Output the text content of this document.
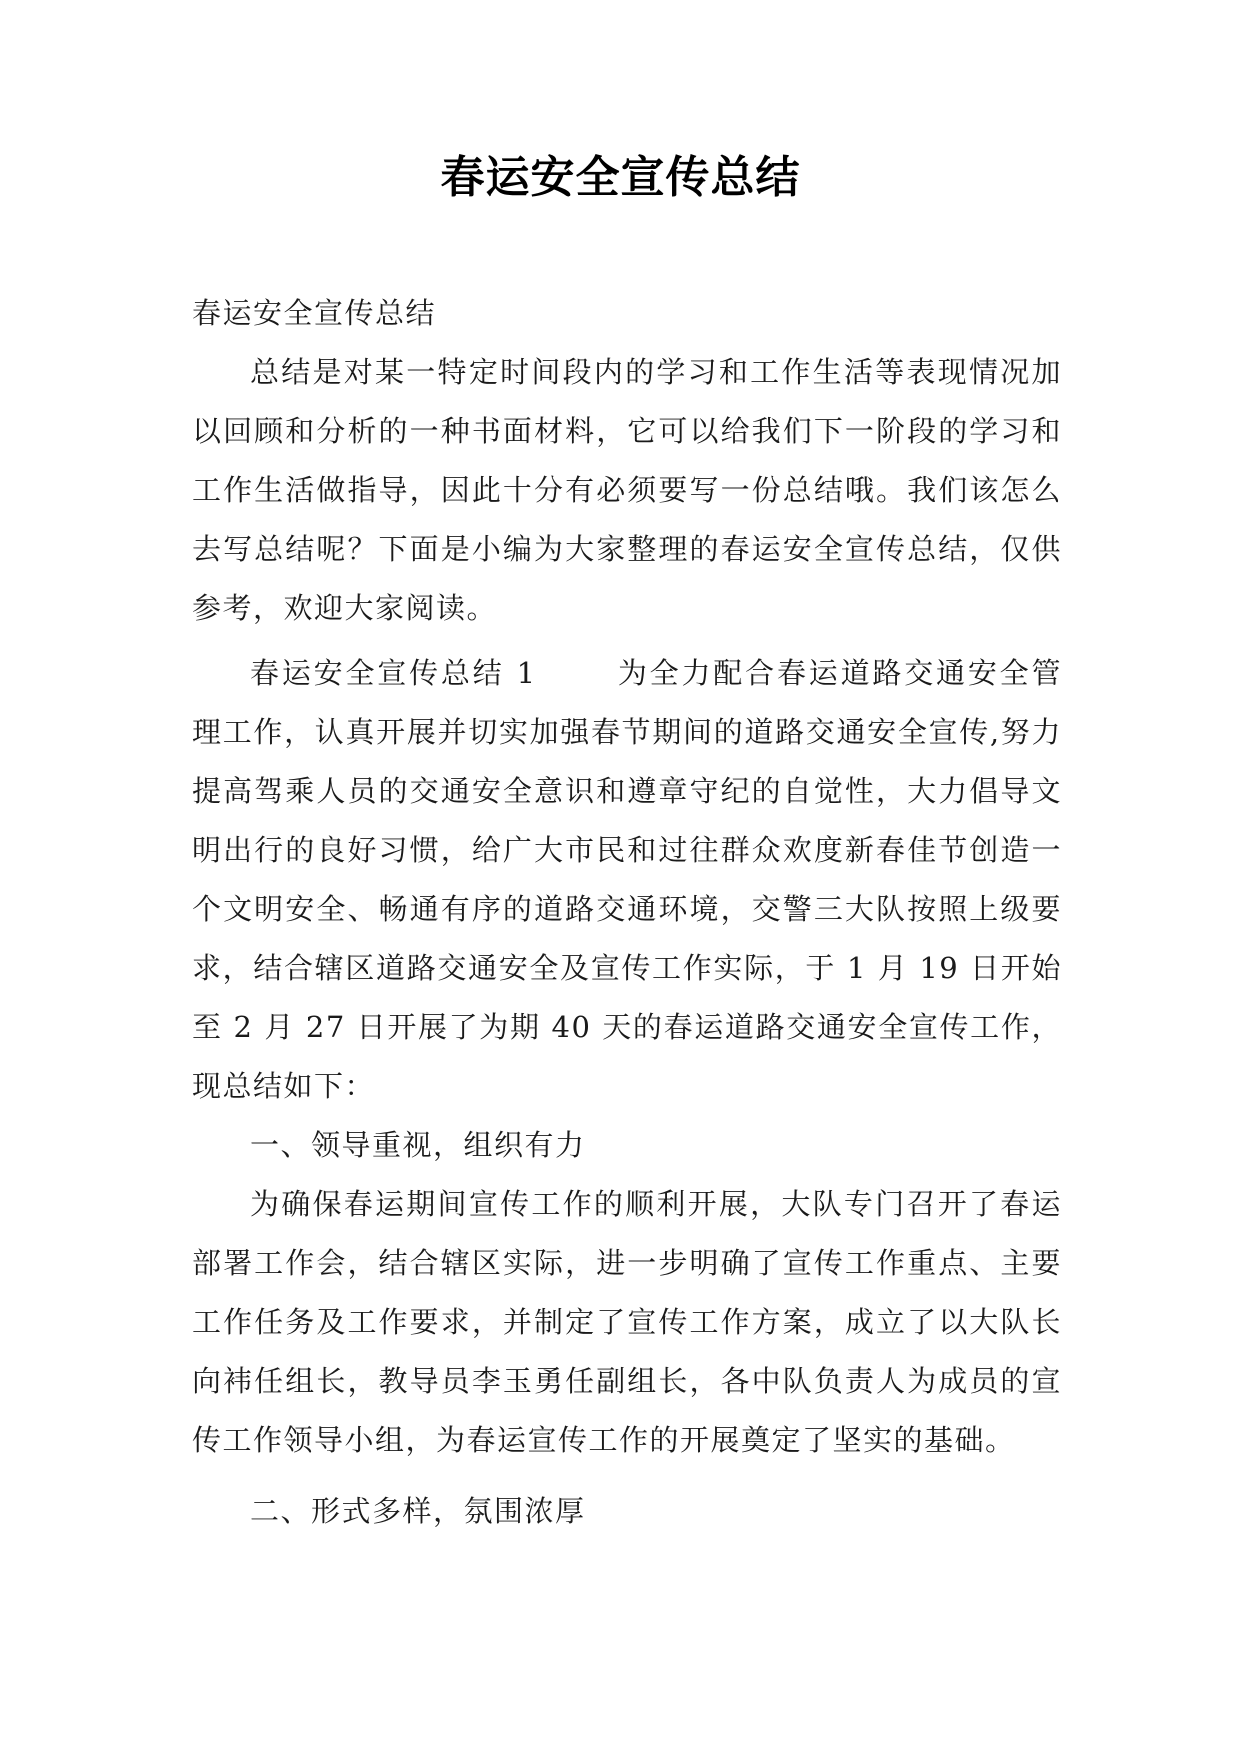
春运安全宣传总结

春运安全宣传总结

总结是对某一特定时间段内的学习和工作生活等表现情况加以回顾和分析的一种书面材料，它可以给我们下一阶段的学习和工作生活做指导，因此十分有必须要写一份总结哦。我们该怎么去写总结呢？下面是小编为大家整理的春运安全宣传总结，仅供参考，欢迎大家阅读。

春运安全宣传总结 1	为全力配合春运道路交通安全管理工作，认真开展并切实加强春节期间的道路交通安全宣传,努力提高驾乘人员的交通安全意识和遵章守纪的自觉性，大力倡导文明出行的良好习惯，给广大市民和过往群众欢度新春佳节创造一个文明安全、畅通有序的道路交通环境，交警三大队按照上级要求，结合辖区道路交通安全及宣传工作实际，于 1 月 19 日开始至 2 月 27 日开展了为期 40 天的春运道路交通安全宣传工作，现总结如下：

一、领导重视，组织有力

为确保春运期间宣传工作的顺利开展，大队专门召开了春运部署工作会，结合辖区实际，进一步明确了宣传工作重点、主要工作任务及工作要求，并制定了宣传工作方案，成立了以大队长向袆任组长，教导员李玉勇任副组长，各中队负责人为成员的宣传工作领导小组，为春运宣传工作的开展奠定了坚实的基础。

二、形式多样，氛围浓厚
